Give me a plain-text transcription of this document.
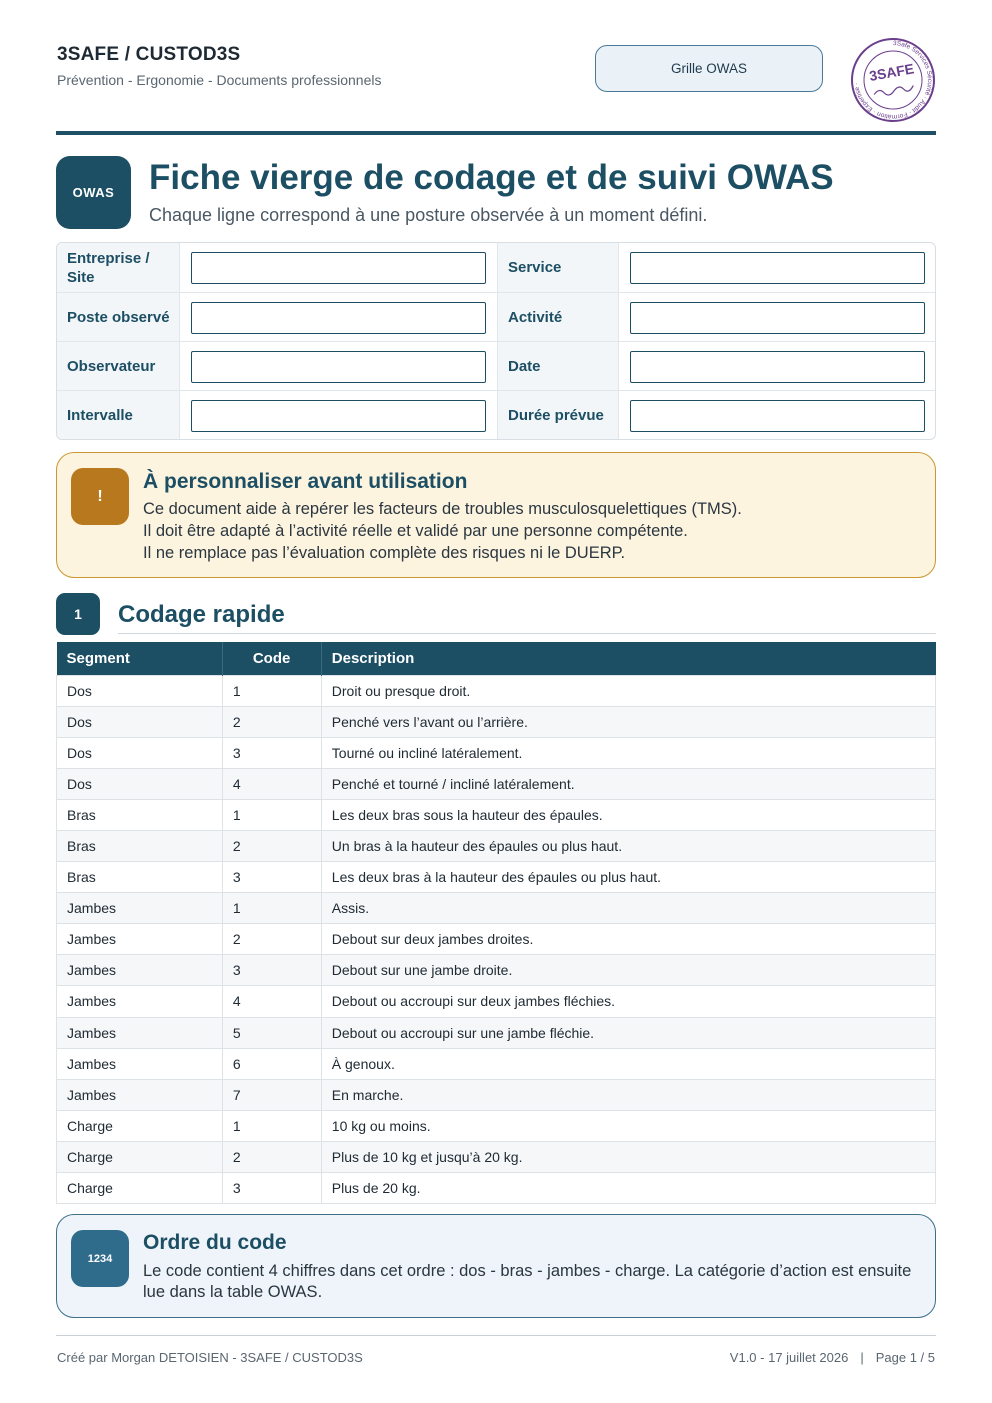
3SAFE / CUSTOD3S
Prévention - Ergonomie - Documents professionnels
Grille OWAS	3SAFE
3Safe Services Sécurité · Audit · Formation · Expertise ·
OWAS Fiche vierge de codage et de suivi OWAS
Chaque ligne correspond à une posture observée à un moment défini.
Entreprise / Site
Service
Poste observé	Activité
Observateur	Date
Intervalle	Durée prévue
!
À personnaliser avant utilisation
Ce document aide à repérer les facteurs de troubles musculosquelettiques (TMS).
Il doit être adapté à l’activité réelle et validé par une personne compétente.
Il ne remplace pas l’évaluation complète des risques ni le DUERP.
1	Codage rapide
Segment	Code	Description
Dos	1	Droit ou presque droit.
Dos	2	Penché vers l’avant ou l’arrière.
Dos	3	Tourné ou incliné latéralement.
Dos	4	Penché et tourné / incliné latéralement.
Bras	1	Les deux bras sous la hauteur des épaules.
Bras	2	Un bras à la hauteur des épaules ou plus haut.
Bras	3	Les deux bras à la hauteur des épaules ou plus haut.
Jambes	1	Assis.
Jambes	2	Debout sur deux jambes droites.
Jambes	3	Debout sur une jambe droite.
Jambes	4	Debout ou accroupi sur deux jambes fléchies.
Jambes	5	Debout ou accroupi sur une jambe fléchie.
Jambes	6	À genoux.
Jambes	7	En marche.
Charge	1	10 kg ou moins.
Charge	2	Plus de 10 kg et jusqu’à 20 kg.
Charge	3	Plus de 20 kg.
1234
Ordre du code
Le code contient 4 chiffres dans cet ordre : dos - bras - jambes - charge. La catégorie d’action est ensuite lue dans la table OWAS.
Créé par Morgan DETOISIEN - 3SAFE / CUSTOD3S	V1.0 - 17 juillet 2026 | Page 1 / 5
